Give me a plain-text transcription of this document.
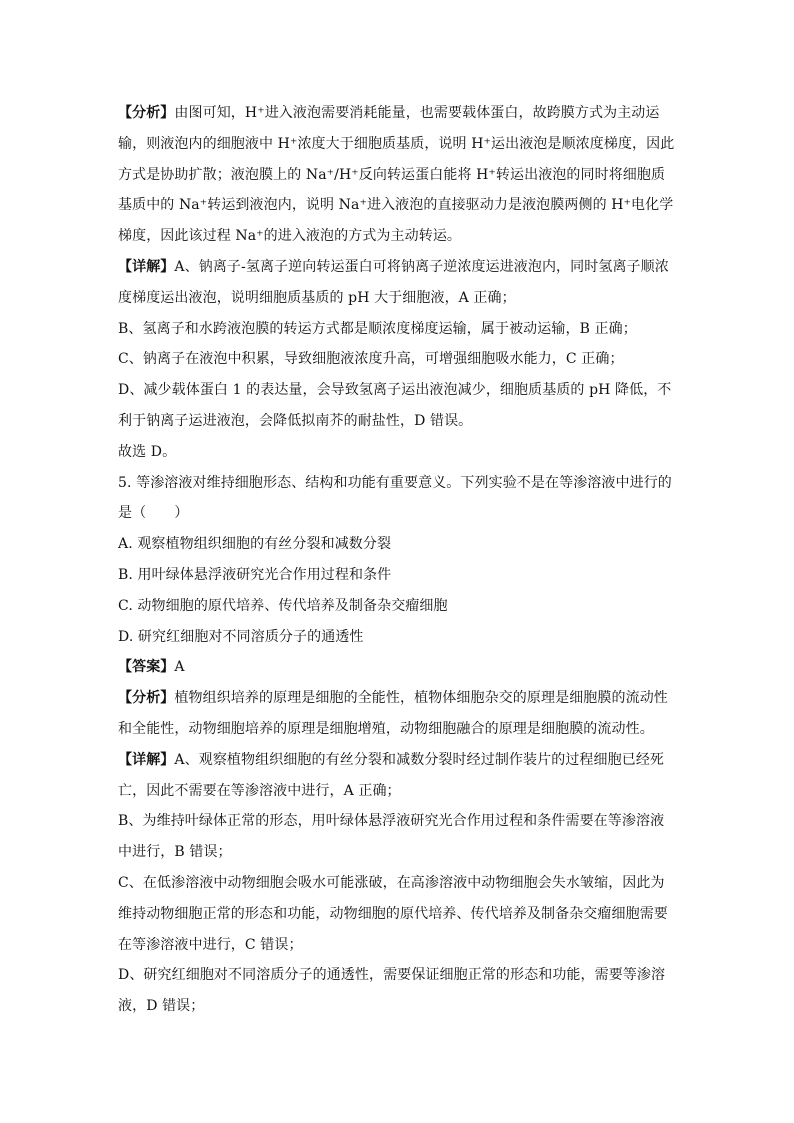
【分析】由图可知，H⁺进入液泡需要消耗能量，也需要载体蛋白，故跨膜方式为主动运输，则液泡内的细胞液中 H⁺浓度大于细胞质基质，说明 H⁺运出液泡是顺浓度梯度，因此方式是协助扩散；液泡膜上的 Na⁺/H⁺反向转运蛋白能将 H⁺转运出液泡的同时将细胞质基质中的 Na⁺转运到液泡内，说明 Na⁺进入液泡的直接驱动力是液泡膜两侧的 H⁺电化学梯度，因此该过程 Na⁺的进入液泡的方式为主动转运。

【详解】A、钠离子-氢离子逆向转运蛋白可将钠离子逆浓度运进液泡内，同时氢离子顺浓度梯度运出液泡，说明细胞质基质的 pH 大于细胞液，A 正确；

B、氢离子和水跨液泡膜的转运方式都是顺浓度梯度运输，属于被动运输，B 正确；

C、钠离子在液泡中积累，导致细胞液浓度升高，可增强细胞吸水能力，C 正确；

D、减少载体蛋白 1 的表达量，会导致氢离子运出液泡减少，细胞质基质的 pH 降低，不利于钠离子运进液泡，会降低拟南芥的耐盐性，D 错误。

故选 D。

5. 等渗溶液对维持细胞形态、结构和功能有重要意义。下列实验不是在等渗溶液中进行的是（　　）

A. 观察植物组织细胞的有丝分裂和减数分裂

B. 用叶绿体悬浮液研究光合作用过程和条件

C. 动物细胞的原代培养、传代培养及制备杂交瘤细胞

D. 研究红细胞对不同溶质分子的通透性

【答案】A

【分析】植物组织培养的原理是细胞的全能性，植物体细胞杂交的原理是细胞膜的流动性和全能性，动物细胞培养的原理是细胞增殖，动物细胞融合的原理是细胞膜的流动性。

【详解】A、观察植物组织细胞的有丝分裂和减数分裂时经过制作装片的过程细胞已经死亡，因此不需要在等渗溶液中进行，A 正确；

B、为维持叶绿体正常的形态，用叶绿体悬浮液研究光合作用过程和条件需要在等渗溶液中进行，B 错误；

C、在低渗溶液中动物细胞会吸水可能涨破，在高渗溶液中动物细胞会失水皱缩，因此为维持动物细胞正常的形态和功能，动物细胞的原代培养、传代培养及制备杂交瘤细胞需要在等渗溶液中进行，C 错误；

D、研究红细胞对不同溶质分子的通透性，需要保证细胞正常的形态和功能，需要等渗溶液，D 错误；
